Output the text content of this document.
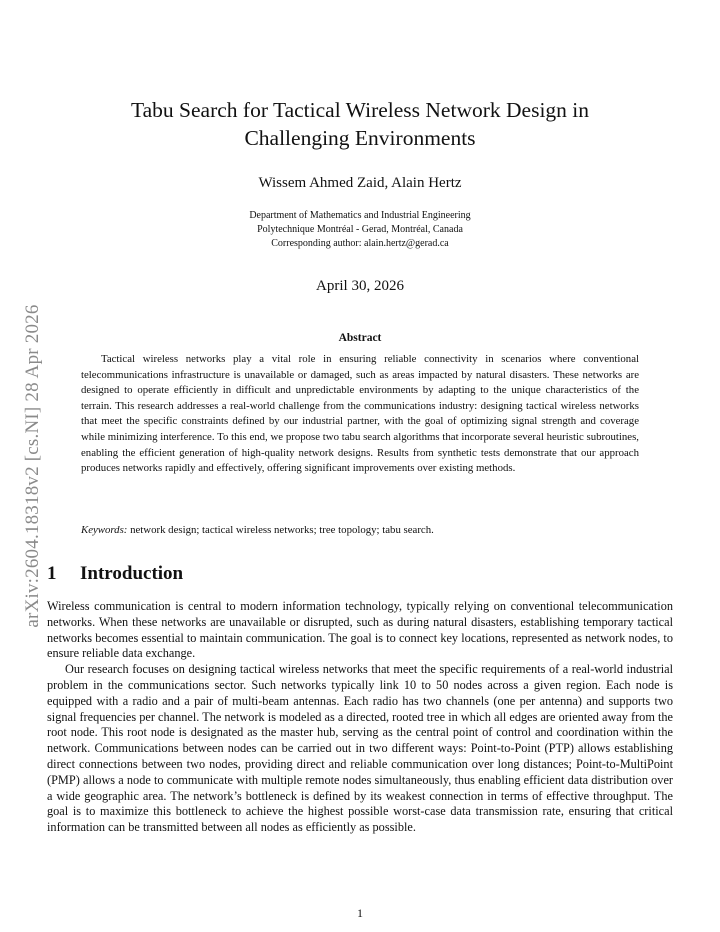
arXiv:2604.18318v2 [cs.NI] 28 Apr 2026
Tabu Search for Tactical Wireless Network Design in
Challenging Environments
Wissem Ahmed Zaid, Alain Hertz
Department of Mathematics and Industrial Engineering
Polytechnique Montréal - Gerad, Montréal, Canada
Corresponding author: alain.hertz@gerad.ca
April 30, 2026
Abstract

Tactical wireless networks play a vital role in ensuring reliable connectivity in scenarios where conventional telecommunications infrastructure is unavailable or damaged, such as areas impacted by natural disasters. These networks are designed to operate efficiently in difficult and unpredictable environments by adapting to the unique characteristics of the terrain. This research addresses a real-world challenge from the communications industry: designing tactical wireless networks that meet the specific constraints defined by our industrial partner, with the goal of optimizing signal strength and coverage while minimizing interference. To this end, we propose two tabu search algorithms that incorporate several heuristic subroutines, enabling the efficient generation of high-quality network designs. Results from synthetic tests demonstrate that our approach produces networks rapidly and effectively, offering significant improvements over existing methods.

Keywords: network design; tactical wireless networks; tree topology; tabu search.
1 Introduction

Wireless communication is central to modern information technology, typically relying on conventional telecommunication networks. When these networks are unavailable or disrupted, such as during natural disasters, establishing temporary tactical networks becomes essential to maintain communication. The goal is to connect key locations, represented as network nodes, to ensure reliable data exchange.

Our research focuses on designing tactical wireless networks that meet the specific requirements of a real-world industrial problem in the communications sector. Such networks typically link 10 to 50 nodes across a given region. Each node is equipped with a radio and a pair of multi-beam antennas. Each radio has two channels (one per antenna) and supports two signal frequencies per channel. The network is modeled as a directed, rooted tree in which all edges are oriented away from the root node. This root node is designated as the master hub, serving as the central point of control and coordination within the network. Communications between nodes can be carried out in two different ways: Point-to-Point (PTP) allows establishing direct connections between two nodes, providing direct and reliable communication over long distances; Point-to-MultiPoint (PMP) allows a node to communicate with multiple remote nodes simultaneously, thus enabling efficient data distribution over a wide geographic area. The network’s bottleneck is defined by its weakest connection in terms of effective throughput. The goal is to maximize this bottleneck to achieve the highest possible worst-case data transmission rate, ensuring that critical information can be transmitted between all nodes as efficiently as possible.

1
